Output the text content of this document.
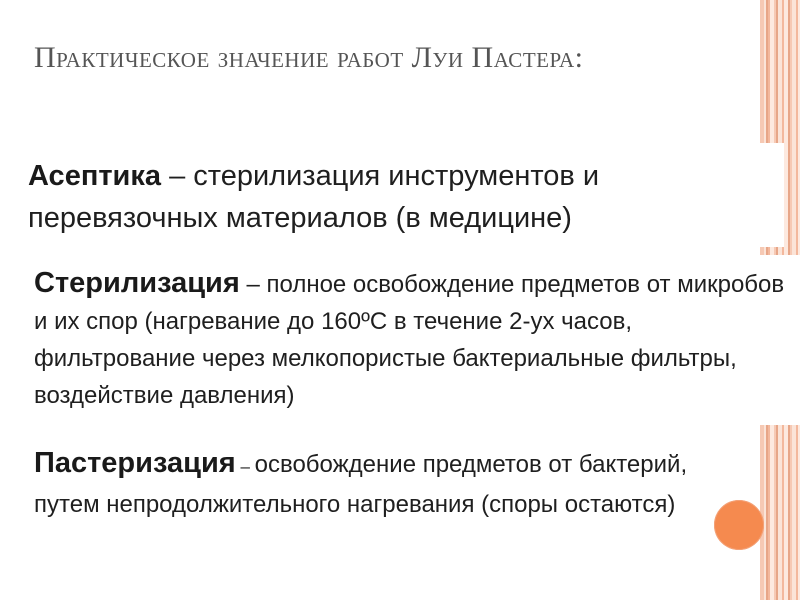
Практическое значение работ Луи Пастера:
Асептика – стерилизация инструментов и перевязочных материалов (в медицине)
Стерилизация – полное освобождение предметов от микробов и их спор (нагревание до 160ºС в течение 2-ух часов, фильтрование через мелкопористые бактериальные фильтры, воздействие давления)
Пастеризация – освобождение предметов от бактерий, путем непродолжительного нагревания (споры остаются)
